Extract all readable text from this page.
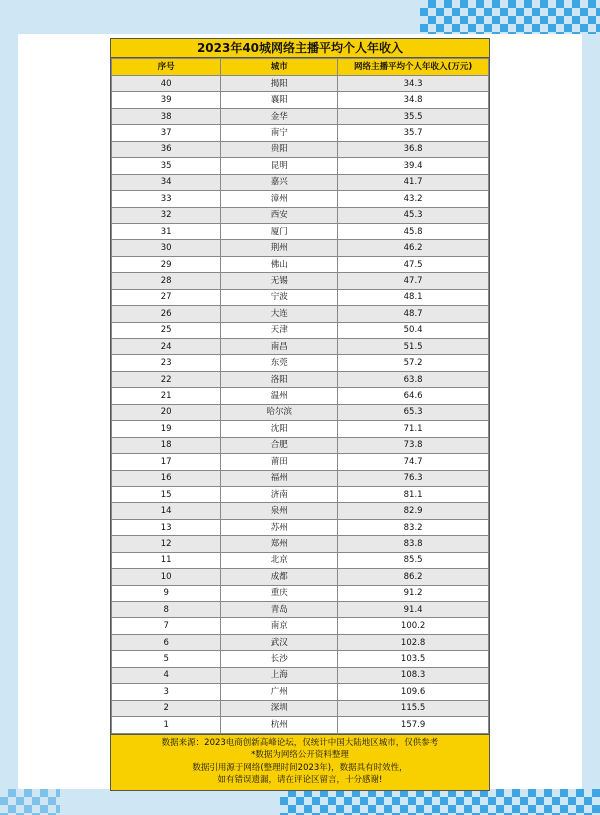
2023年40城网络主播平均个人年收入
序号	城市	网络主播平均个人年收入(万元)
40	揭阳	34.3
39	襄阳	34.8
38	金华	35.5
37	南宁	35.7
36	贵阳	36.8
35	昆明	39.4
34	嘉兴	41.7
33	漳州	43.2
32	西安	45.3
31	厦门	45.8
30	荆州	46.2
29	佛山	47.5
28	无锡	47.7
27	宁波	48.1
26	大连	48.7
25	天津	50.4
24	南昌	51.5
23	东莞	57.2
22	洛阳	63.8
21	温州	64.6
20	哈尔滨	65.3
19	沈阳	71.1
18	合肥	73.8
17	莆田	74.7
16	福州	76.3
15	济南	81.1
14	泉州	82.9
13	苏州	83.2
12	郑州	83.8
11	北京	85.5
10	成都	86.2
9	重庆	91.2
8	青岛	91.4
7	南京	100.2
6	武汉	102.8
5	长沙	103.5
4	上海	108.3
3	广州	109.6
2	深圳	115.5
1	杭州	157.9
数据来源：2023电商创新高峰论坛，仅统计中国大陆地区城市，仅供参考
*数据为网络公开资料整理
数据引用源于网络(整理时间2023年)，数据具有时效性，
如有错误遗漏，请在评论区留言，十分感谢!
